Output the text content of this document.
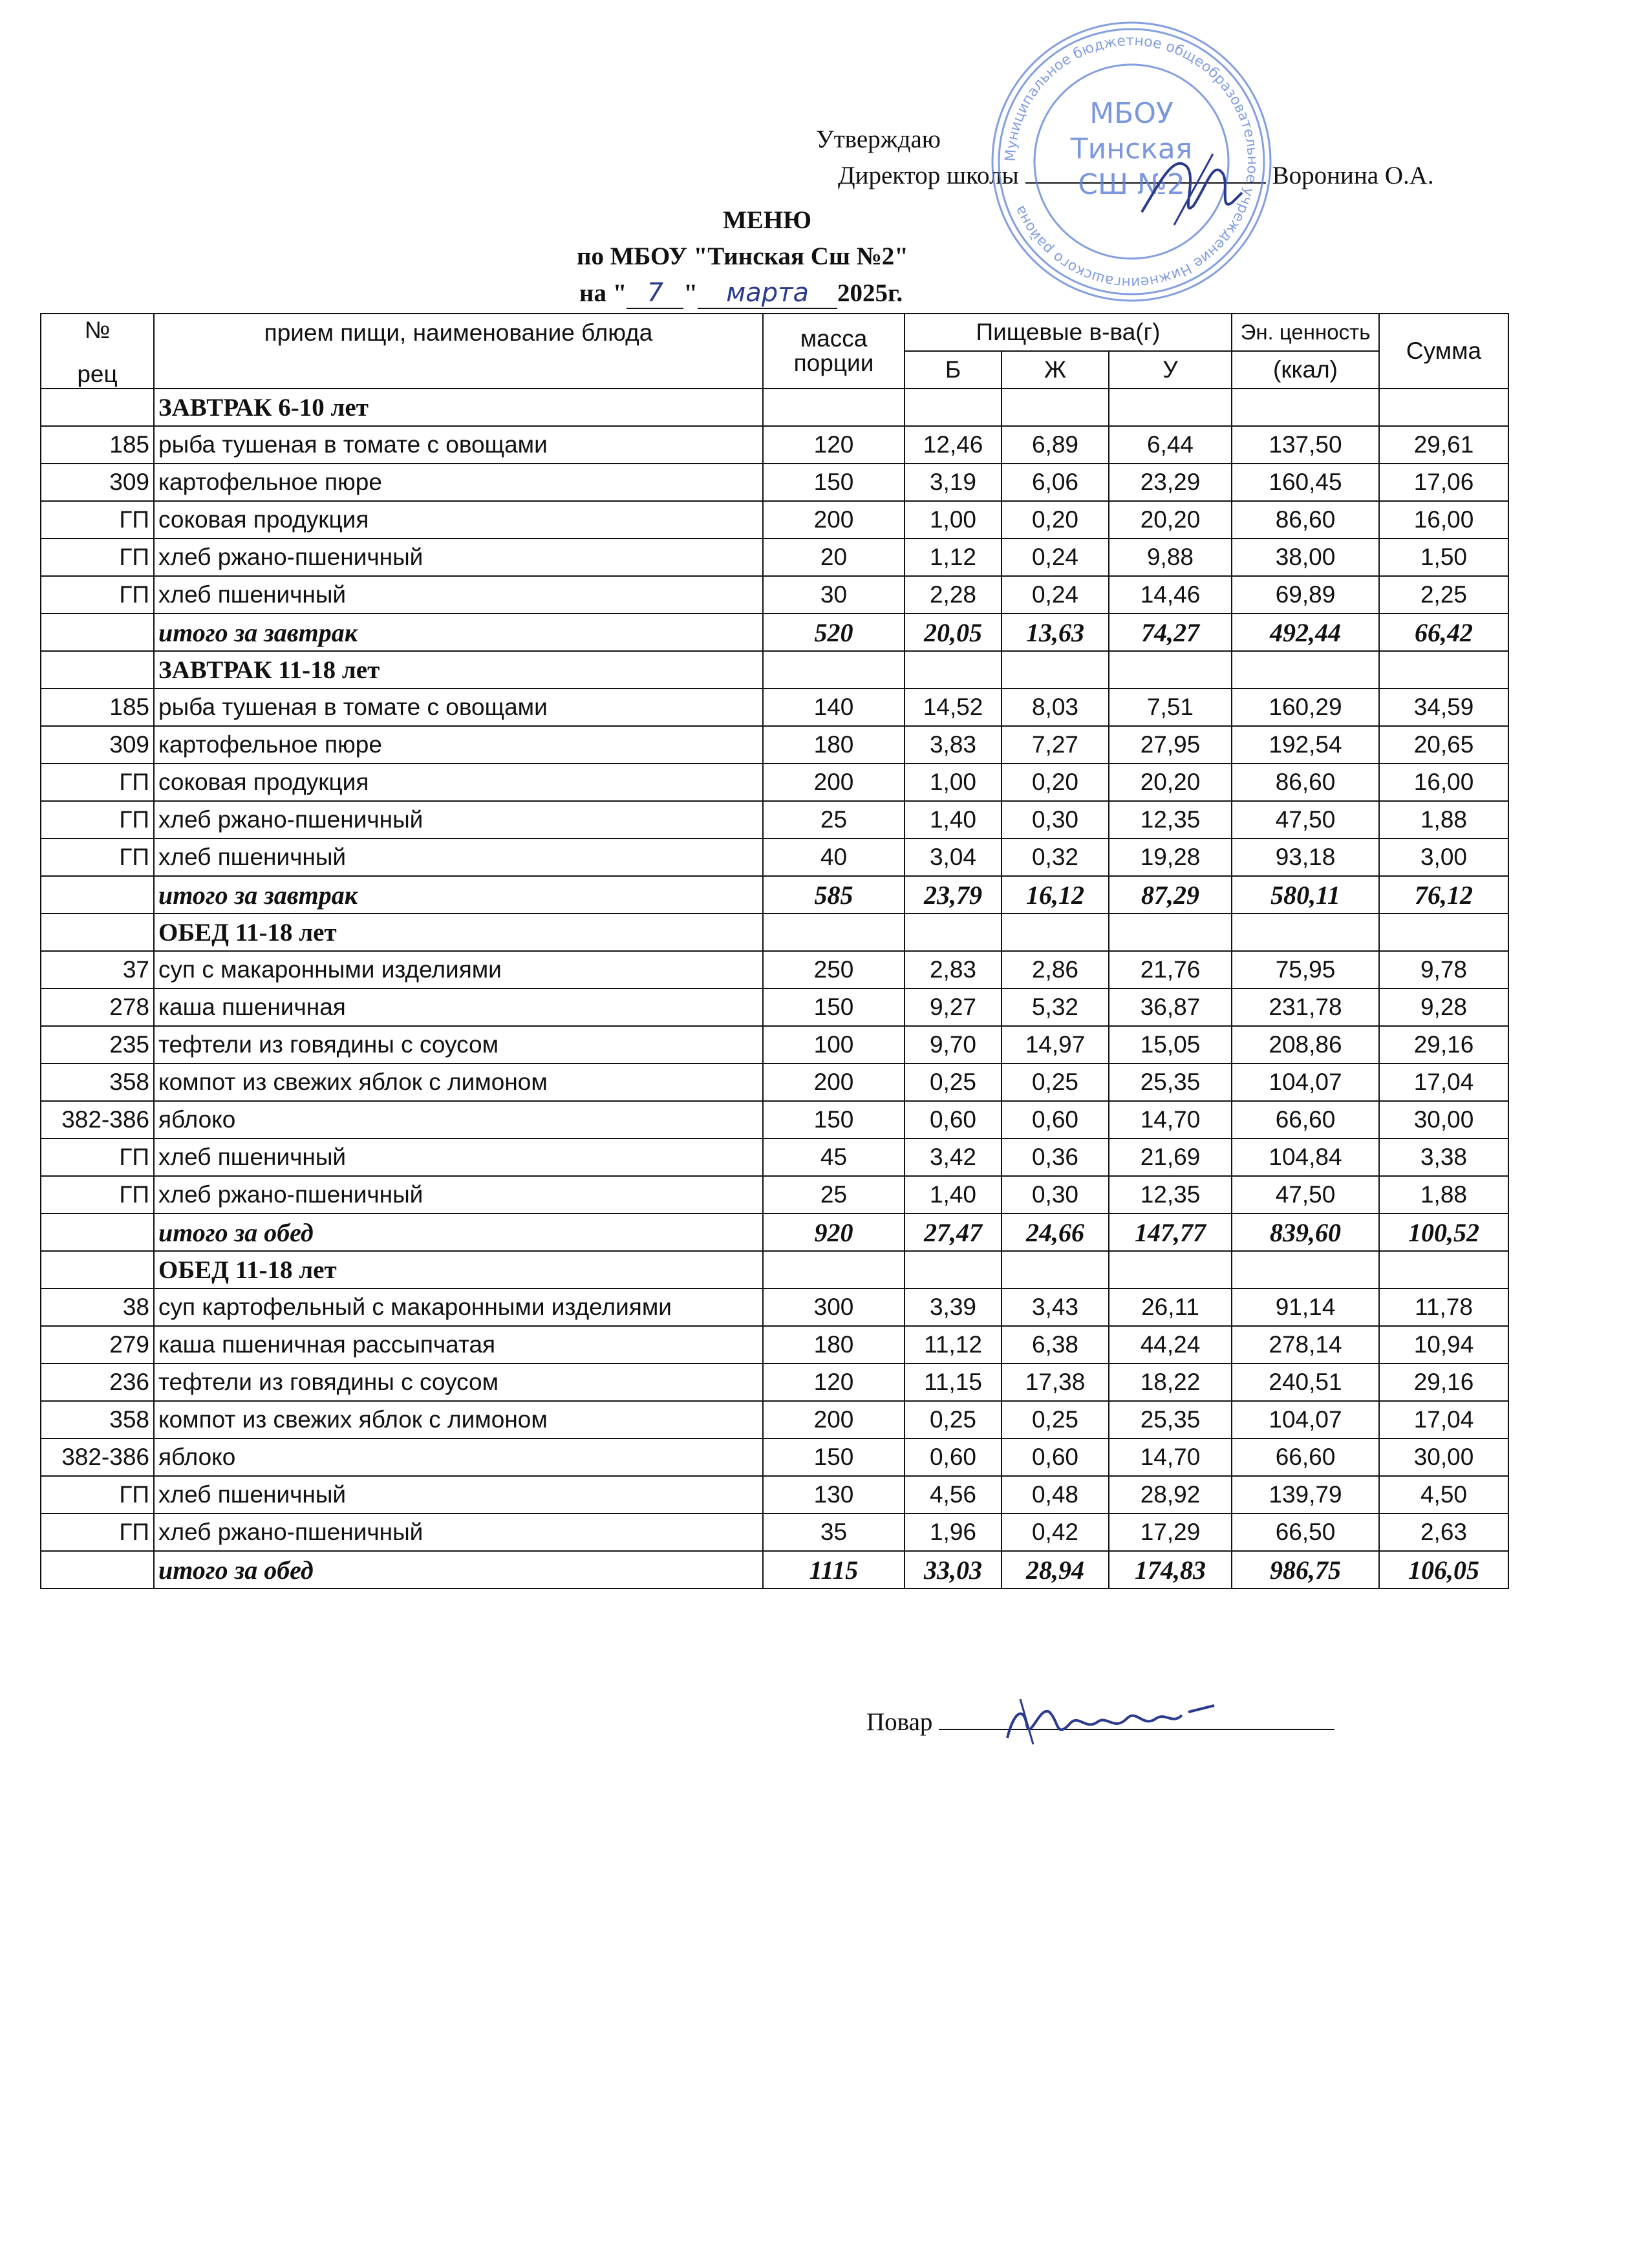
Утверждаю
Директор школы	Воронина О.А.
Муниципальное бюджетное общеобразовательное учреждение Нижнеингашского района
МБОУ
Тинская
СШ №2
МЕНЮ
по МБОУ "Тинская Сш №2"
на " 7 " марта 2025г.
№
рец	прием пищи, наименование блюда	масса порции	Пищевые в-ва(г)			Эн. ценность	Сумма
			Б	Ж	У	(ккал)	
	ЗАВТРАК 6-10 лет						
185	рыба тушеная в томате с овощами	120	12,46	6,89	6,44	137,50	29,61
309	картофельное пюре	150	3,19	6,06	23,29	160,45	17,06
ГП	соковая продукция	200	1,00	0,20	20,20	86,60	16,00
ГП	хлеб ржано-пшеничный	20	1,12	0,24	9,88	38,00	1,50
ГП	хлеб пшеничный	30	2,28	0,24	14,46	69,89	2,25
	итого за завтрак	520	20,05	13,63	74,27	492,44	66,42
	ЗАВТРАК 11-18 лет						
185	рыба тушеная в томате с овощами	140	14,52	8,03	7,51	160,29	34,59
309	картофельное пюре	180	3,83	7,27	27,95	192,54	20,65
ГП	соковая продукция	200	1,00	0,20	20,20	86,60	16,00
ГП	хлеб ржано-пшеничный	25	1,40	0,30	12,35	47,50	1,88
ГП	хлеб пшеничный	40	3,04	0,32	19,28	93,18	3,00
	итого за завтрак	585	23,79	16,12	87,29	580,11	76,12
	ОБЕД 11-18 лет						
37	суп с макаронными изделиями	250	2,83	2,86	21,76	75,95	9,78
278	каша пшеничная	150	9,27	5,32	36,87	231,78	9,28
235	тефтели из говядины с соусом	100	9,70	14,97	15,05	208,86	29,16
358	компот из свежих яблок с лимоном	200	0,25	0,25	25,35	104,07	17,04
382-386	яблоко	150	0,60	0,60	14,70	66,60	30,00
ГП	хлеб пшеничный	45	3,42	0,36	21,69	104,84	3,38
ГП	хлеб ржано-пшеничный	25	1,40	0,30	12,35	47,50	1,88
	итого за обед	920	27,47	24,66	147,77	839,60	100,52
	ОБЕД 11-18 лет						
38	суп картофельный с макаронными изделиями	300	3,39	3,43	26,11	91,14	11,78
279	каша пшеничная рассыпчатая	180	11,12	6,38	44,24	278,14	10,94
236	тефтели из говядины с соусом	120	11,15	17,38	18,22	240,51	29,16
358	компот из свежих яблок с лимоном	200	0,25	0,25	25,35	104,07	17,04
382-386	яблоко	150	0,60	0,60	14,70	66,60	30,00
ГП	хлеб пшеничный	130	4,56	0,48	28,92	139,79	4,50
ГП	хлеб ржано-пшеничный	35	1,96	0,42	17,29	66,50	2,63
	итого за обед	1115	33,03	28,94	174,83	986,75	106,05
Повар
